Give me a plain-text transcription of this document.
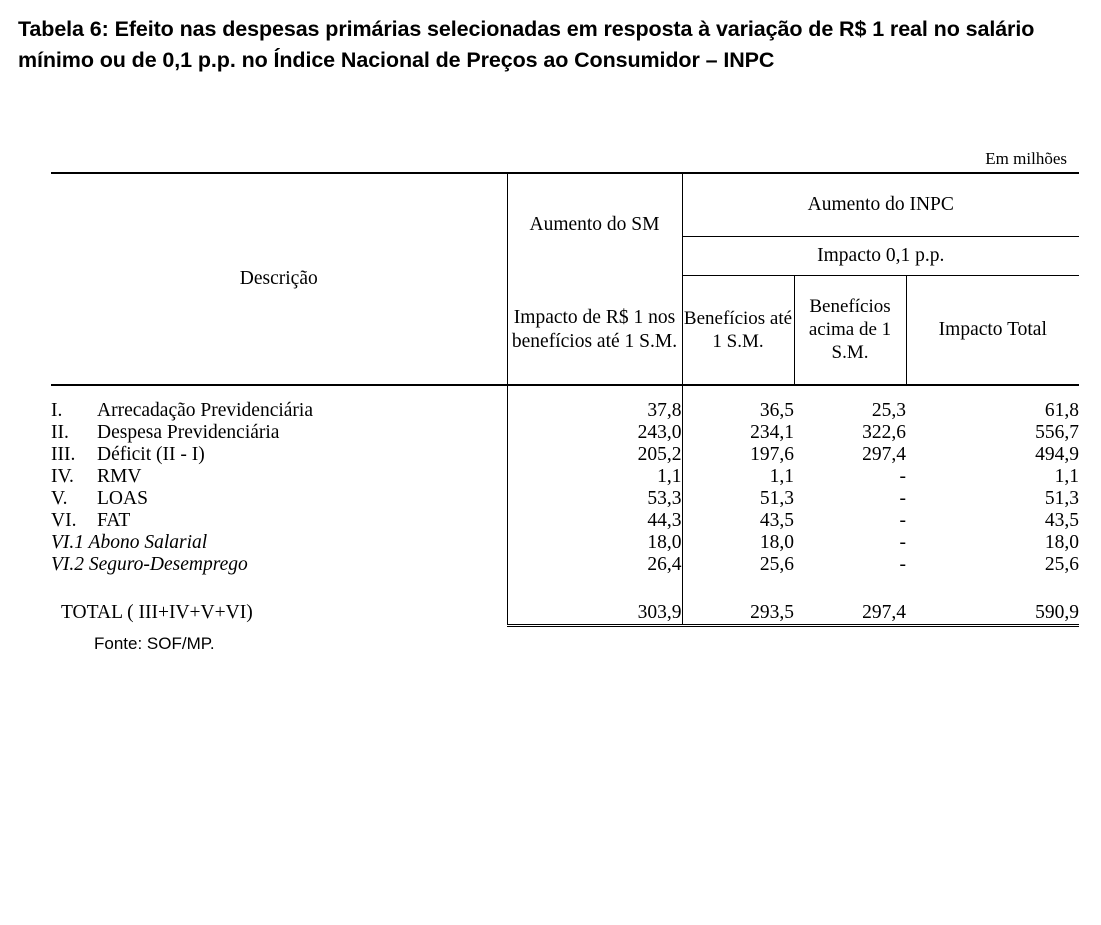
Tabela 6: Efeito nas despesas primárias selecionadas em resposta à variação de R$ 1 real no salário mínimo ou de 0,1 p.p. no Índice Nacional de Preços ao Consumidor – INPC
Em milhões
Descrição	Aumento do SM	Aumento do INPC		
		Impacto 0,1 p.p.		
	Impacto de R$ 1 nos benefícios até 1 S.M.	Benefícios até 1 S.M.	Benefícios acima de 1 S.M.	Impacto Total

I. Arrecadação Previdenciária	37,8	36,5	25,3	61,8
II. Despesa Previdenciária	243,0	234,1	322,6	556,7
III. Déficit (II - I)	205,2	197,6	297,4	494,9
IV. RMV	1,1	1,1	-	1,1
V. LOAS	53,3	51,3	-	51,3
VI. FAT	44,3	43,5	-	43,5
VI.1 Abono Salarial	18,0	18,0	-	18,0
VI.2 Seguro-Desemprego	26,4	25,6	-	25,6

TOTAL ( III+IV+V+VI)	303,9	293,5	297,4	590,9
Fonte: SOF/MP.
